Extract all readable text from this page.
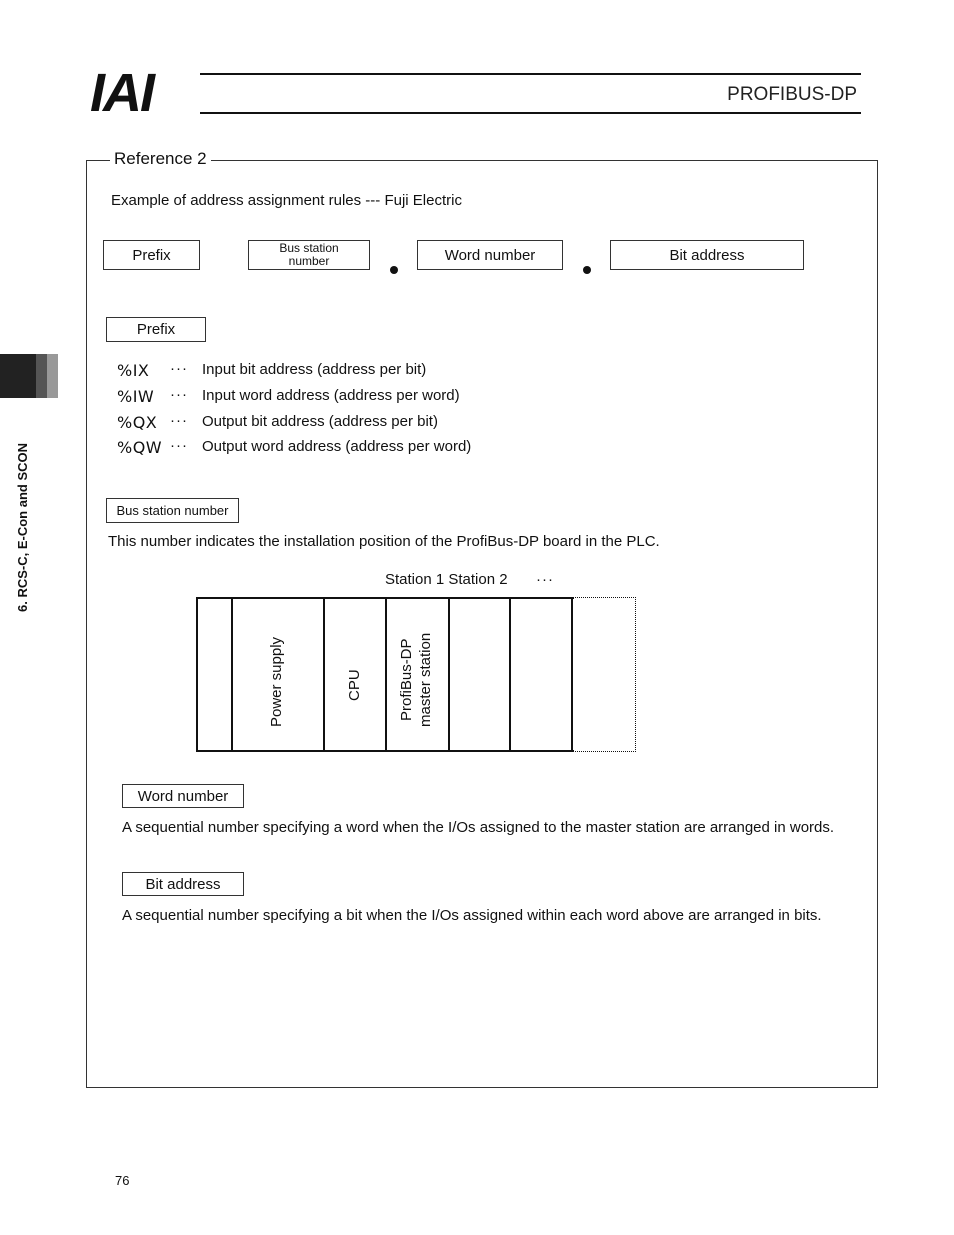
IAI	PROFIBUS-DP
6. RCS-C, E-Con and SCON
Reference 2
Example of address assignment rules --- Fuji Electric
Prefix	Bus station
number	Word number	Bit address
Prefix
%IX ··· Input bit address (address per bit)
%IW ··· Input word address (address per word)
%QX ··· Output bit address (address per bit)
%QW ··· Output word address (address per word)
Bus station number
This number indicates the installation position of the ProfiBus-DP board in the PLC.
Station 1 Station 2 ···
Power supply	CPU ProfiBus-DP master station
Word number
A sequential number specifying a word when the I/Os assigned to the master station are arranged in words.
Bit address
A sequential number specifying a bit when the I/Os assigned within each word above are arranged in bits.
76
